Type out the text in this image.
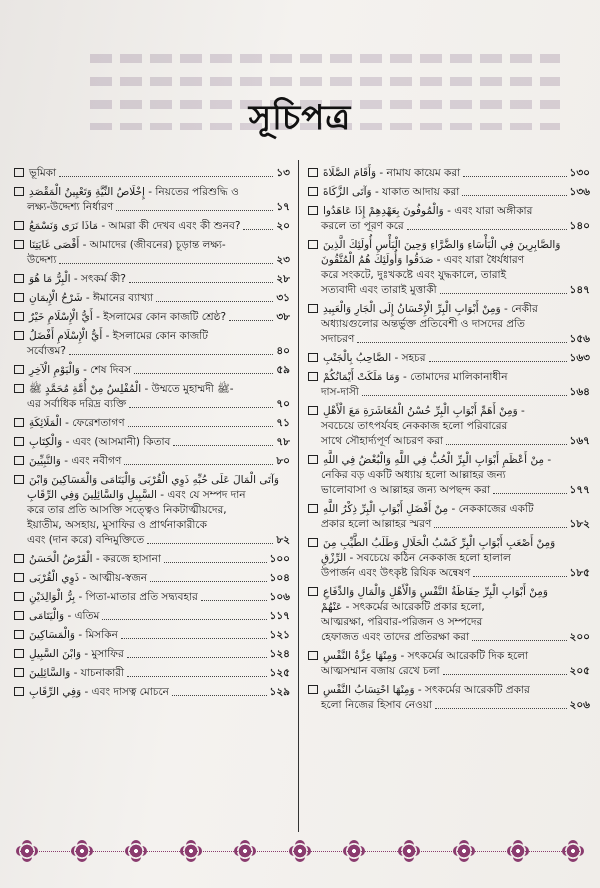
সূচিপত্র
ভূমিকা	১৩
إِخْلَاصُ النِّيَّةِ وَتَعْيِينُ الْمَقْصَدِ - নিয়তের পরিশুদ্ধি ও
লক্ষ্য-উদ্দেশ্য নির্ধারণ	১৭
مَاذَا نَرَى وَنَسْمَعُ - আমরা কী দেখব এবং কী শুনব?	২০
أَقْصَى غَايَتِنَا - আমাদের (জীবনের) চূড়ান্ত লক্ষ্য-
উদ্দেশ্য	২৩
الْبِرُّ مَا هُوَ - সৎকর্ম কী?	২৮
شَرْحُ الْإِيمَانِ - ঈমানের ব্যাখ্যা	৩১
أَيُّ الْإِسْلَامِ خَيْرٌ - ইসলামের কোন কাজটি শ্রেষ্ঠ?	৩৮
أَيُّ الْإِسْلَامِ أَفْضَلُ - ইসলামের কোন কাজটি
সর্বোত্তম?	৪০
وَالْيَوْمِ الْآخِرِ - শেষ দিবস	৫৯
الْمُفْلِسُ مِنْ أُمَّةِ مُحَمَّدٍ ﷺ - উম্মতে মুহাম্মদী ﷺ-
এর সর্বাধিক দরিদ্র ব্যক্তি	৭০
الْمَلَائِكَةِ - ফেরেশতাগণ	৭১
وَالْكِتَابِ - এবং (আসমানী) কিতাব	৭৮
وَالنَّبِيِّينَ - এবং নবীগণ	৮০
وَآتَى الْمَالَ عَلَى حُبِّهِ ذَوِي الْقُرْبَى وَالْيَتَامَى وَالْمَسَاكِينَ وَابْنَ
السَّبِيلِ وَالسَّائِلِينَ وَفِي الرِّقَابِ - এবং যে সম্পদ দান
করে তার প্রতি আসক্তি সত্ত্বেও নিকটাত্মীয়দের,
ইয়াতীম, অসহায়, মুসাফির ও প্রার্থনাকারীকে
এবং (দান করে) বন্দিমুক্তিতে	৮২
الْقَرْضُ الْحَسَنُ - করজে হাসানা	১০০
ذَوِي الْقُرْبَى - আত্মীয়-স্বজন	১০৪
بِرُّ الْوَالِدَيْنِ - পিতা-মাতার প্রতি সদ্ব্যবহার	১০৬
وَالْيَتَامَى - এতিম	১১৭
وَالْمَسَاكِينَ - মিসকিন	১২১
وَابْنَ السَّبِيلِ - মুসাফির	১২৪
وَالسَّائِلِينَ - যাচনাকারী	১২৫
وَفِي الرِّقَابِ - এবং দাসত্ব মোচনে	১২৯
وَأَقَامَ الصَّلَاةَ - নামায কায়েম করা	১৩০
وَآتَى الزَّكَاةَ - যাকাত আদায় করা	১৩৬
وَالْمُوفُونَ بِعَهْدِهِمْ إِذَا عَاهَدُوا - এবং যারা অঙ্গীকার
করলে তা পূরণ করে	১৪০
وَالصَّابِرِينَ فِي الْبَأْسَاءِ وَالضَّرَّاءِ وَحِينَ الْبَأْسِ أُولَئِكَ الَّذِينَ
صَدَقُوا وَأُولَئِكَ هُمُ الْمُتَّقُونَ - এবং যারা ধৈর্যধারণ
করে সংকটে, দুঃখকষ্টে এবং যুদ্ধকালে, তারাই
সত্যবাদী এবং তারাই মুত্তাকী	১৪৭
وَمِنْ أَبْوَابِ الْبِرِّ الْإِحْسَانُ إِلَى الْجَارِ وَالْعَبِيدِ - নেকীর
অধ্যায়গুলোর অন্তর্ভুক্ত প্রতিবেশী ও দাসদের প্রতি
সদাচরণ	১৫৬
الصَّاحِبُ بِالْجَنْبِ - সহচর	১৬৩
وَمَا مَلَكَتْ أَيْمَانُكُمْ - তোমাদের মালিকানাধীন
দাস-দাসী	১৬৪
وَمِنْ أَهَمِّ أَبْوَابِ الْبِرِّ حُسْنُ الْمُعَاشَرَةِ مَعَ الْأَهْلِ -
সবচেয়ে তাৎপর্যবহ নেককাজ হলো পরিবারের
সাথে সৌহার্দ্যপূর্ণ আচরণ করা	১৬৭
مِنْ أَعْظَمِ أَبْوَابِ الْبِرِّ الْحُبُّ فِي اللَّهِ وَالْبُغْضُ فِي اللَّهِ -
নেকির বড় একটি অধ্যায় হলো আল্লাহর জন্য
ভালোবাসা ও আল্লাহর জন্য অপছন্দ করা	১৭৭
مِنْ أَفْضَلِ أَبْوَابِ الْبِرِّ ذِكْرُ اللَّهِ - নেককাজের একটি
প্রকার হলো আল্লাহর স্মরণ	১৮২
وَمِنْ أَصْعَبِ أَبْوَابِ الْبِرِّ كَسْبُ الْحَلَالِ وَطَلَبُ الطَّيِّبِ مِنَ
الرِّزْقِ - সবচেয়ে কঠিন নেককাজ হলো হালাল
উপার্জন এবং উৎকৃষ্ট রিযিক অন্বেষণ	১৮৫
وَمِنْ أَبْوَابِ الْبِرِّ حِفَاظَةُ النَّفْسِ وَالْأَهْلِ وَالْمَالِ وَالدِّفَاعِ
عَنْهُمْ - সৎকর্মের আরেকটি প্রকার হলো,
আত্মরক্ষা, পরিবার-পরিজন ও সম্পদের
হেফাজত এবং তাদের প্রতিরক্ষা করা	২০০
وَمِنْهَا عِزَّةُ النَّفْسِ - সৎকর্মের আরেকটি দিক হলো
আত্মসম্মান বজায় রেখে চলা	২০৫
وَمِنْهَا احْتِسَابُ النَّفْسِ - সৎকর্মের আরেকটি প্রকার
হলো নিজের হিসাব নেওয়া	২০৬
